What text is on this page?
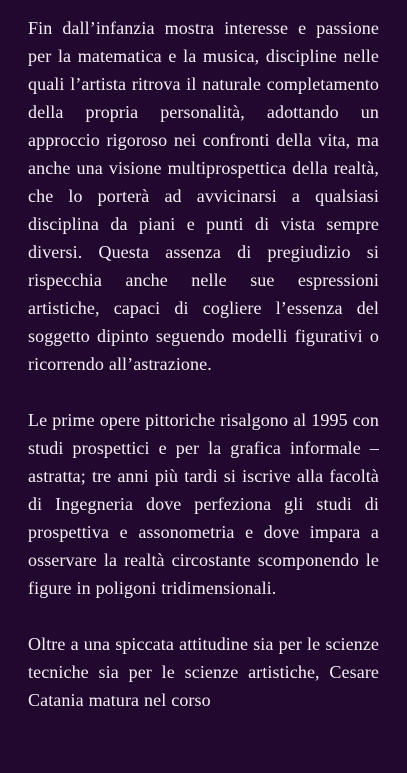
Fin dall’infanzia mostra interesse e passione per la matematica e la musica, discipline nelle quali l’artista ritrova il naturale completamento della propria personalità, adottando un approccio rigoroso nei confronti della vita, ma anche una visione multiprospettica della realtà, che lo porterà ad avvicinarsi a qualsiasi disciplina da piani e punti di vista sempre diversi. Questa assenza di pregiudizio si rispecchia anche nelle sue espressioni artistiche, capaci di cogliere l’essenza del soggetto dipinto seguendo modelli figurativi o ricorrendo all’astrazione.

Le prime opere pittoriche risalgono al 1995 con studi prospettici e per la grafica informale – astratta; tre anni più tardi si iscrive alla facoltà di Ingegneria dove perfeziona gli studi di prospettiva e assonometria e dove impara a osservare la realtà circostante scomponendo le figure in poligoni tridimensionali.

Oltre a una spiccata attitudine sia per le scienze tecniche sia per le scienze artistiche, Cesare Catania matura nel corso
